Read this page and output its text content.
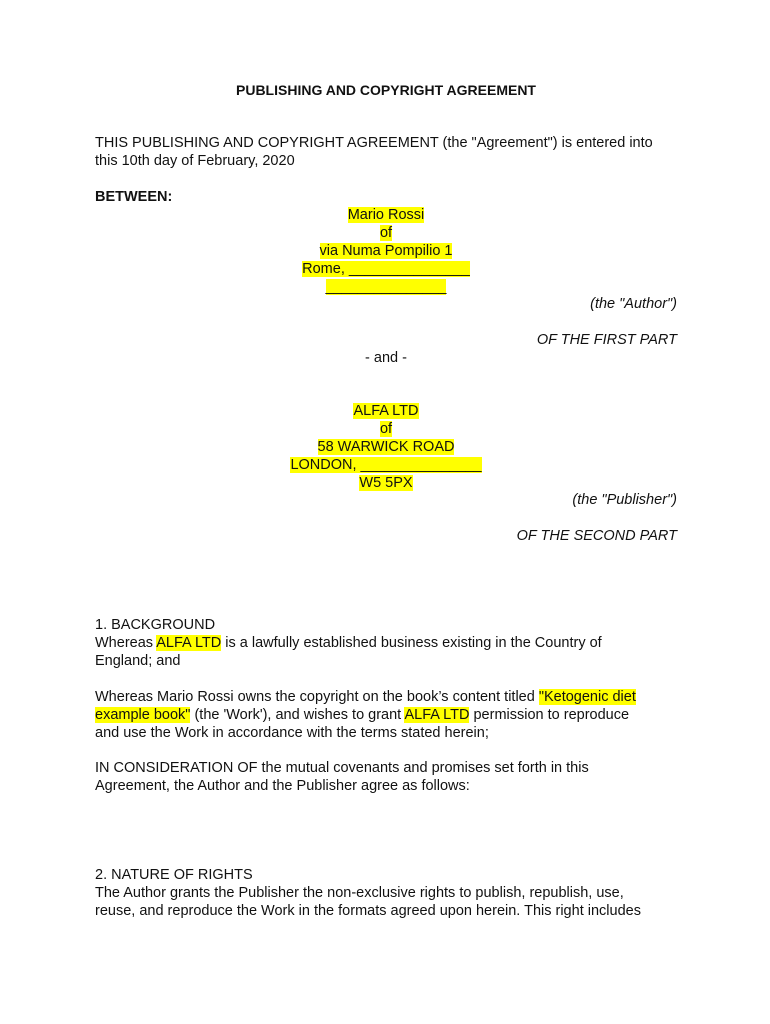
PUBLISHING AND COPYRIGHT AGREEMENT
THIS PUBLISHING AND COPYRIGHT AGREEMENT (the "Agreement") is entered into
this 10th day of February, 2020
BETWEEN:
Mario Rossi
of
via Numa Pompilio 1
Rome, _______________
_______________
(the "Author")
OF THE FIRST PART
- and -
ALFA LTD
of
58 WARWICK ROAD
LONDON, _______________
W5 5PX
(the "Publisher")
OF THE SECOND PART
1. BACKGROUND
Whereas ALFA LTD is a lawfully established business existing in the Country of
England; and
Whereas Mario Rossi owns the copyright on the book’s content titled "Ketogenic diet
example book" (the 'Work'), and wishes to grant ALFA LTD permission to reproduce
and use the Work in accordance with the terms stated herein;
IN CONSIDERATION OF the mutual covenants and promises set forth in this
Agreement, the Author and the Publisher agree as follows:
2. NATURE OF RIGHTS
The Author grants the Publisher the non-exclusive rights to publish, republish, use,
reuse, and reproduce the Work in the formats agreed upon herein. This right includes
